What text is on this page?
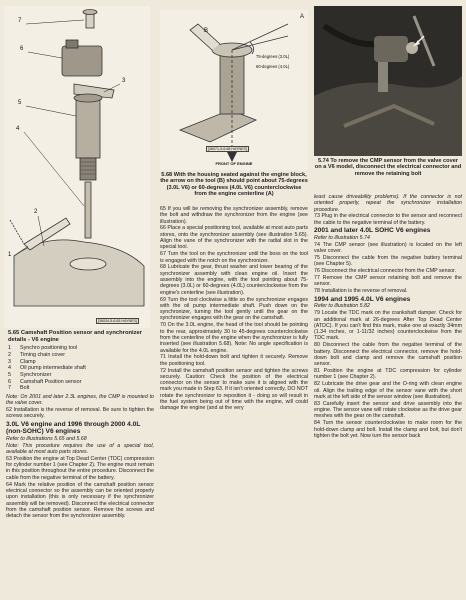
7
6
5
4
3
2
1
[36034-5-6.65 HAYNES]
5.65 Camshaft Position sensor and synchronizer details - V6 engine
1	Synchro positioning tool
2	Timing chain cover
3	Clamp
4	Oil pump intermediate shaft
5	Synchronizer
6	Camshaft Position sensor
7	Bolt

Note: On 2001 and later 2.3L engines, the CMP is mounted to the valve cover.

62 Installation is the reverse of removal. Be sure to tighten the screws securely.

3.0L V6 engine and 1996 through 2000 4.0L (non-SOHC) V6 engines

Refer to illustrations 5.65 and 5.68

Note: This procedure requires the use of a special tool, available at most auto parts stores.

63 Position the engine at Top Dead Center (TDC) compression for cylinder number 1 (see Chapter 2). The engine must remain in this position throughout the entire procedure. Disconnect the cable from the negative terminal of the battery.

64 Mark the relative position of the camshaft position sensor electrical connector so the assembly can be oriented properly upon installation (this is only necessary if the synchronizer assembly will be removed). Disconnect the electrical connector from the camshaft position sensor. Remove the screws and detach the sensor from the synchronizer assembly.

B
A
75-degrees (3.0L)
60-degrees (4.0L)
FRONT OF ENGINE
[36071-5-6.68 HAYNES]
5.68 With the housing seated against the engine block, the arrow on the tool (B) should point about 75-degrees (3.0L V6) or 60-degrees (4.0L V6) counterclockwise from the engine centerline (A)

65 If you will be removing the synchronizer assembly, remove the bolt and withdraw the synchronizer from the engine (see illustration).

66 Place a special positioning tool, available at most auto parts stores, onto the synchronizer assembly (see illustration 5.65). Align the vane of the synchronizer with the radial slot in the special tool.

67 Turn the tool on the synchronizer until the boss on the tool is engaged with the notch on the synchronizer.

68 Lubricate the gear, thrust washer and lower bearing of the synchronizer assembly with clean engine oil. Insert the assembly into the engine, with the tool pointing about 75-degrees (3.0L) or 60-degrees (4.0L) counterclockwise from the engine's centerline (see illustration).

69 Turn the tool clockwise a little so the synchronizer engages with the oil pump intermediate shaft. Push down on the synchronizer, turning the tool gently until the gear on the synchronizer engages with the gear on the camshaft.

70 On the 3.0L engine, the head of the tool should be pointing to the rear, approximately 30 to 45-degrees counterclockwise from the centerline of the engine when the synchronizer is fully inserted (see illustration 5.68). Note: No angle specification is available for the 4.0L engine.

71 Install the hold-down bolt and tighten it securely. Remove the positioning tool.

72 Install the camshaft position sensor and tighten the screws securely. Caution: Check the position of the electrical connector on the sensor to make sure it is aligned with the mark you made in Step 63. If it isn't oriented correctly, DO NOT rotate the synchronizer to reposition it - doing so will result in the fuel system being out of time with the engine, will could damage the engine (and at the very

5.74 To remove the CMP sensor from the valve cover on a V6 model, disconnect the electrical connector and remove the retaining bolt

least cause driveability problems). If the connector is not oriented properly, repeat the synchronizer installation procedure.

73 Plug in the electrical connector to the sensor and reconnect the cable to the negative terminal of the battery.

2001 and later 4.0L SOHC V6 engines

Refer to illustration 5.74

74 The CMP sensor (see illustration) is located on the left valve cover.

75 Disconnect the cable from the negative battery terminal (see Chapter 5).

76 Disconnect the electrical connector from the CMP sensor.

77 Remove the CMP sensor retaining bolt and remove the sensor.

78 Installation is the reverse of removal.

1994 and 1995 4.0L V6 engines

Refer to illustration 5.82

79 Locate the TDC mark on the crankshaft damper. Check for an additional mark at 26-degrees After Top Dead Center (ATDC). If you can't find this mark, make one at exactly 34mm (1.34 inches, or 1-11/32 inches) counterclockwise from the TDC mark.

80 Disconnect the cable from the negative terminal of the battery. Disconnect the electrical connector, remove the hold-down bolt and clamp and remove the camshaft position sensor.

81 Position the engine at TDC compression for cylinder number 1 (see Chapter 2).

82 Lubricate the drive gear and the O-ring with clean engine oil. Align the trailing edge of the sensor vane with the short mark at the left side of the sensor window (see illustration).

83 Carefully insert the sensor and drive assembly into the engine. The sensor vane will rotate clockwise as the drive gear meshes with the gear on the camshaft.

84 Turn the sensor counterclockwise to make room for the hold-down clamp and bolt. Install the clamp and bolt, but don't tighten the bolt yet. Now turn the sensor back
